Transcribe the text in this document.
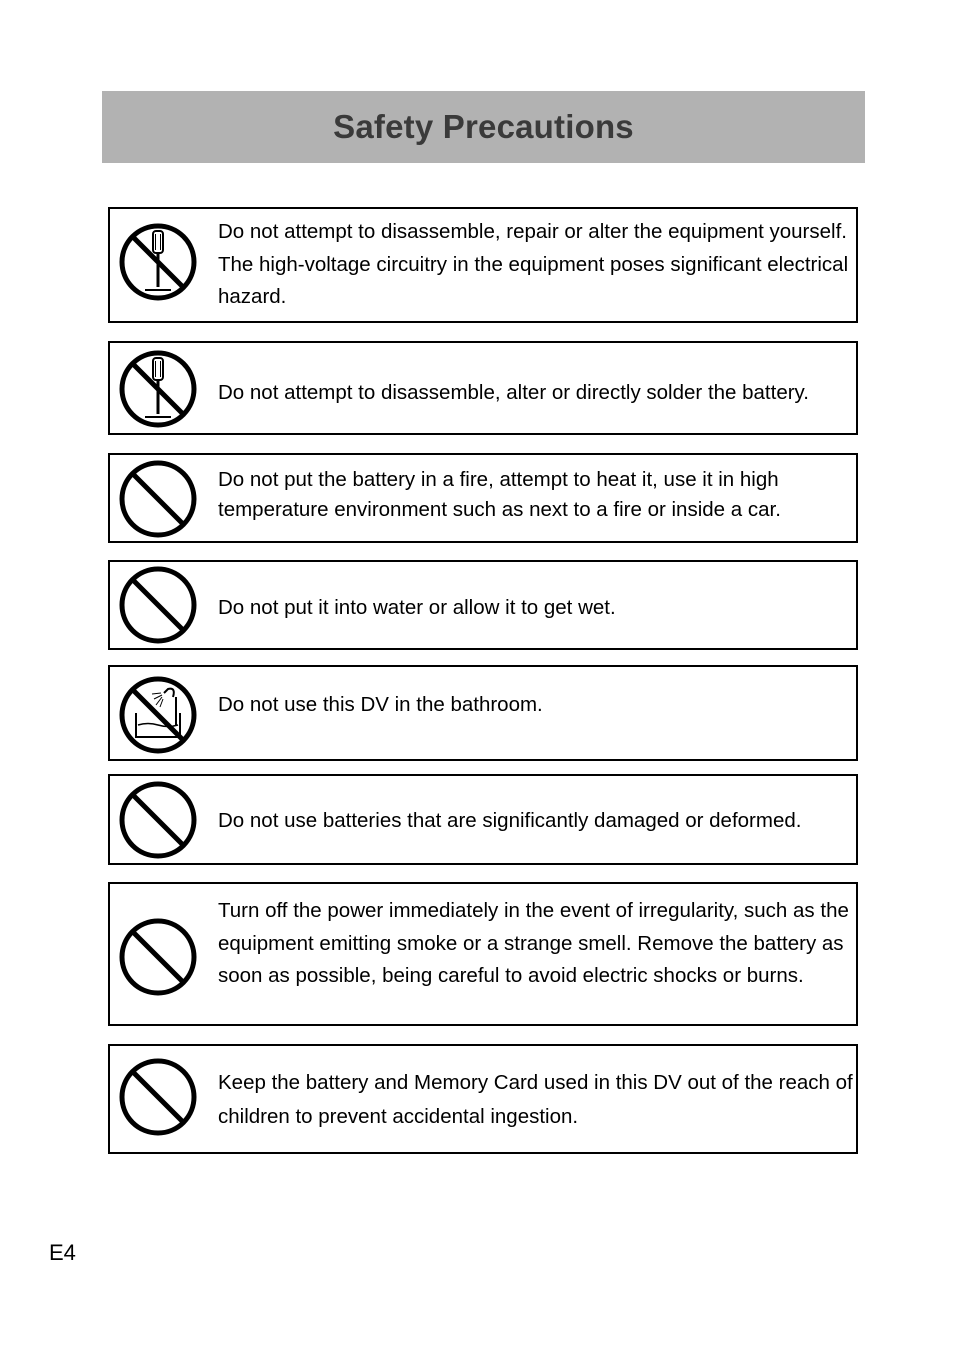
Safety Precautions
Do not attempt to disassemble, repair or alter the equipment yourself. The high-voltage circuitry in the equipment poses significant electrical hazard.
Do not attempt to disassemble, alter or directly solder the battery.
Do not put the battery in a fire, attempt to heat it, use it in high temperature environment such as next to a fire or inside a car.
Do not put it into water or allow it to get wet.
Do not use this DV in the bathroom.
Do not use batteries that are significantly damaged or deformed.
Turn off the power immediately in the event of irregularity, such as the equipment emitting smoke or a strange smell. Remove the battery as soon as possible, being careful to avoid electric shocks or burns.
Keep the battery and Memory Card used in this DV out of the reach of children to prevent accidental ingestion.
E4
